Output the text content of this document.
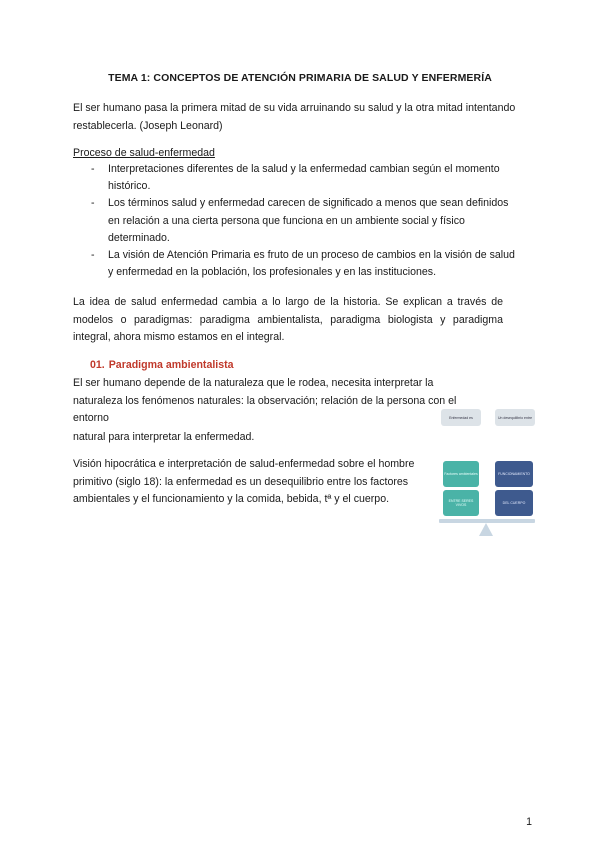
TEMA 1: CONCEPTOS DE ATENCIÓN PRIMARIA DE SALUD Y ENFERMERÍA

El ser humano pasa la primera mitad de su vida arruinando su salud y la otra mitad intentando restablecerla. (Joseph Leonard)

Proceso de salud-enfermedad
- Interpretaciones diferentes de la salud y la enfermedad cambian según el momento histórico.
- Los términos salud y enfermedad carecen de significado a menos que sean definidos en relación a una cierta persona que funciona en un ambiente social y físico determinado.
- La visión de Atención Primaria es fruto de un proceso de cambios en la visión de salud y enfermedad en la población, los profesionales y en las instituciones.

La idea de salud enfermedad cambia a lo largo de la historia. Se explican a través de modelos o paradigmas: paradigma ambientalista, paradigma biologista y paradigma integral, ahora mismo estamos en el integral.

01. Paradigma ambientalista

El ser humano depende de la naturaleza que le rodea, necesita interpretar la naturaleza los fenómenos naturales: la observación; relación de la persona con el entorno

natural para interpretar la enfermedad.

Visión hipocrática e interpretación de salud-enfermedad sobre el hombre primitivo (siglo 18): la enfermedad es un desequilibrio entre los factores ambientales y el funcionamiento y la comida, bebida, tª y el cuerpo.

Enfermedad es	Un desequilibrio entre
Factores ambientales	FUNCIONAMIENTO
ENTRE SERES VIVOS	DEL CUERPO
1
